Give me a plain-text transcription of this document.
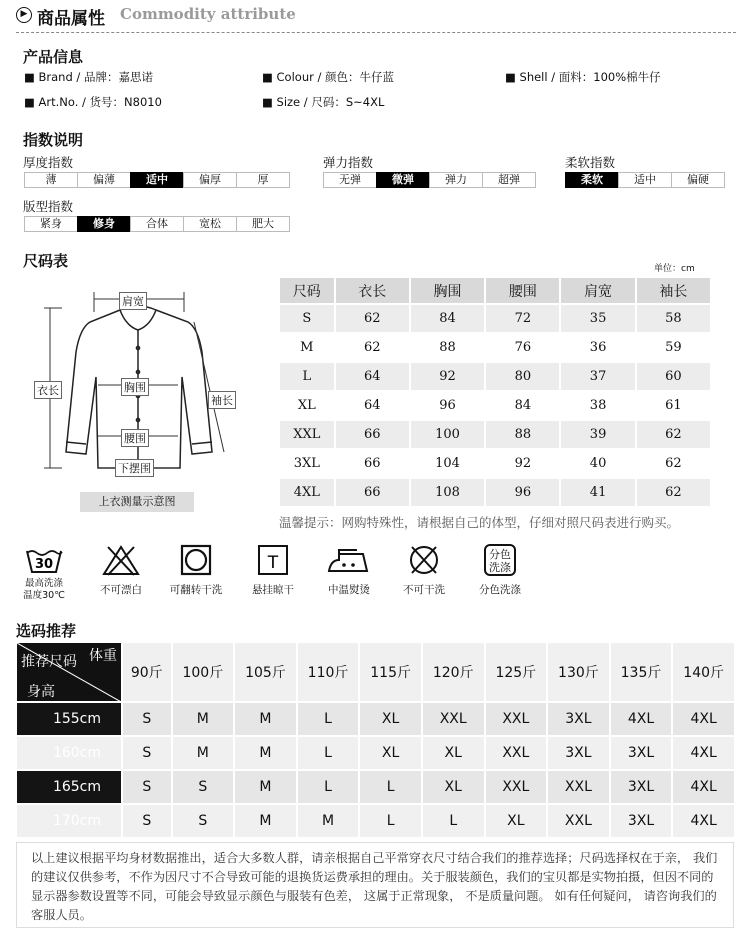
▶ 商品属性 Commodity attribute
产品信息
■ Brand / 品牌：嘉思诺	■ Colour / 颜色：牛仔蓝	■ Shell / 面料：100%棉牛仔
■ Art.No. / 货号：N8010	■ Size / 尺码：S~4XL
指数说明
厚度指数
薄	偏薄	适中	偏厚	厚
弹力指数
无弹	微弹	弹力	超弹
柔软指数
柔软	适中	偏硬
版型指数
紧身	修身	合体	宽松	肥大
尺码表	单位：cm
肩宽
衣长	胸围
袖长
腰围
下摆围
上衣测量示意图
尺码	衣长	胸围	腰围	肩宽	袖长
S	62	84	72	35	58
M	62	88	76	36	59
L	64	92	80	37	60
XL	64	96	84	38	61
XXL	66	100	88	39	62
3XL	66	104	92	40	62
4XL	66	108	96	41	62
温馨提示：网购特殊性，请根据自己的体型，仔细对照尺码表进行购买。
30
最高洗涤
温度30℃	不可漂白	可翻转干洗
T
悬挂晾干	中温熨烫	不可干洗
分色
洗涤
分色洗涤
选码推荐
推荐尺码 体重
身高	90斤	100斤	105斤	110斤	115斤	120斤	125斤	130斤	135斤	140斤
155cm	S	M	M	L	XL	XXL	XXL	3XL	4XL	4XL
160cm	S	M	M	L	XL	XL	XXL	3XL	3XL	4XL
165cm	S	S	M	L	L	XL	XXL	XXL	3XL	4XL
170cm	S	S	M	M	L	L	XL	XXL	3XL	4XL
以上建议根据平均身材数据推出，适合大多数人群，请亲根据自己平常穿衣尺寸结合我们的推荐选择；尺码选择权在于亲， 我们的建议仅供参考，不作为因尺寸不合导致可能的退换货运费承担的理由。关于服装颜色，我们的宝贝都是实物拍摄，但因不同的显示器参数设置等不同，可能会导致显示颜色与服装有色差， 这属于正常现象， 不是质量问题。 如有任何疑问， 请咨询我们的客服人员。
